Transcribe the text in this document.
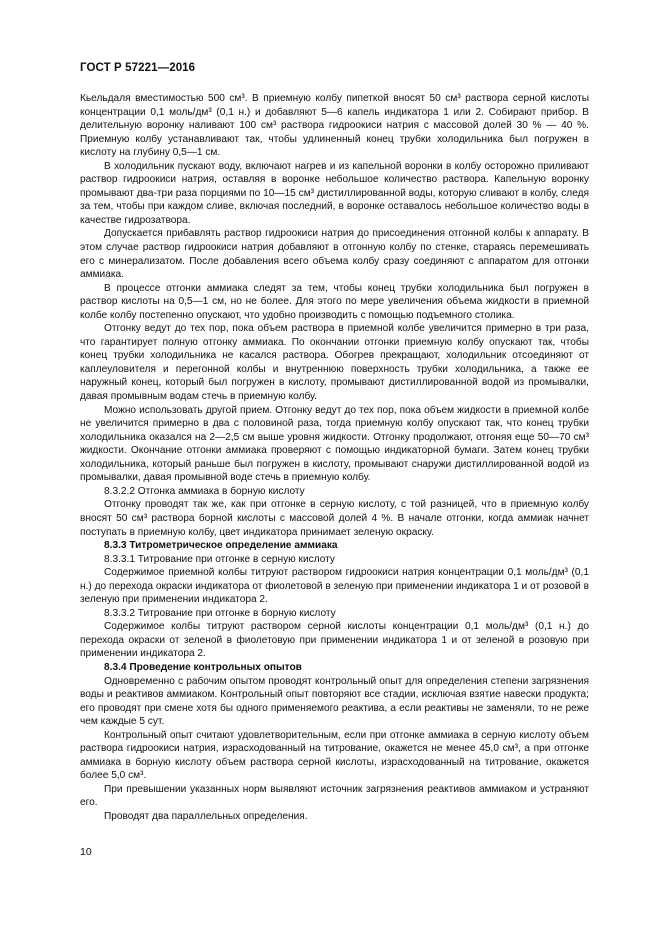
ГОСТ Р 57221—2016

Кьельдаля вместимостью 500 см³. В приемную колбу пипеткой вносят 50 см³ раствора серной кислоты концентрации 0,1 моль/дм³ (0,1 н.) и добавляют 5—6 капель индикатора 1 или 2. Собирают прибор. В делительную воронку наливают 100 см³ раствора гидроокиси натрия с массовой долей 30 % — 40 %. Приемную колбу устанавливают так, чтобы удлиненный конец трубки холодильника был погружен в кислоту на глубину 0,5—1 см.

В холодильник пускают воду, включают нагрев и из капельной воронки в колбу осторожно приливают раствор гидроокиси натрия, оставляя в воронке небольшое количество раствора. Капельную воронку промывают два-три раза порциями по 10—15 см³ дистиллированной воды, которую сливают в колбу, следя за тем, чтобы при каждом сливе, включая последний, в воронке оставалось небольшое количество воды в качестве гидрозатвора.

Допускается прибавлять раствор гидроокиси натрия до присоединения отгонной колбы к аппарату. В этом случае раствор гидроокиси натрия добавляют в отгонную колбу по стенке, стараясь перемешивать его с минерализатом. После добавления всего объема колбу сразу соединяют с аппаратом для отгонки аммиака.

В процессе отгонки аммиака следят за тем, чтобы конец трубки холодильника был погружен в раствор кислоты на 0,5—1 см, но не более. Для этого по мере увеличения объема жидкости в приемной колбе колбу постепенно опускают, что удобно производить с помощью подъемного столика.

Отгонку ведут до тех пор, пока объем раствора в приемной колбе увеличится примерно в три раза, что гарантирует полную отгонку аммиака. По окончании отгонки приемную колбу опускают так, чтобы конец трубки холодильника не касался раствора. Обогрев прекращают, холодильник отсоединяют от каплеуловителя и перегонной колбы и внутреннюю поверхность трубки холодильника, а также ее наружный конец, который был погружен в кислоту, промывают дистиллированной водой из промывалки, давая промывным водам стечь в приемную колбу.

Можно использовать другой прием. Отгонку ведут до тех пор, пока объем жидкости в приемной колбе не увеличится примерно в два с половиной раза, тогда приемную колбу опускают так, что конец трубки холодильника оказался на 2—2,5 см выше уровня жидкости. Отгонку продолжают, отгоняя еще 50—70 см³ жидкости. Окончание отгонки аммиака проверяют с помощью индикаторной бумаги. Затем конец трубки холодильника, который раньше был погружен в кислоту, промывают снаружи дистиллированной водой из промывалки, давая промывной воде стечь в приемную колбу.

8.3.2.2 Отгонка аммиака в борную кислоту

Отгонку проводят так же, как при отгонке в серную кислоту, с той разницей, что в приемную колбу вносят 50 см³ раствора борной кислоты с массовой долей 4 %. В начале отгонки, когда аммиак начнет поступать в приемную колбу, цвет индикатора принимает зеленую окраску.

8.3.3 Титрометрическое определение аммиака

8.3.3.1 Титрование при отгонке в серную кислоту

Содержимое приемной колбы титруют раствором гидроокиси натрия концентрации 0,1 моль/дм³ (0,1 н.) до перехода окраски индикатора от фиолетовой в зеленую при применении индикатора 1 и от розовой в зеленую при применении индикатора 2.

8.3.3.2 Титрование при отгонке в борную кислоту

Содержимое колбы титруют раствором серной кислоты концентрации 0,1 моль/дм³ (0,1 н.) до перехода окраски от зеленой в фиолетовую при применении индикатора 1 и от зеленой в розовую при применении индикатора 2.

8.3.4 Проведение контрольных опытов

Одновременно с рабочим опытом проводят контрольный опыт для определения степени загрязнения воды и реактивов аммиаком. Контрольный опыт повторяют все стадии, исключая взятие навески продукта; его проводят при смене хотя бы одного применяемого реактива, а если реактивы не заменяли, то не реже чем каждые 5 сут.

Контрольный опыт считают удовлетворительным, если при отгонке аммиака в серную кислоту объем раствора гидроокиси натрия, израсходованный на титрование, окажется не менее 45,0 см³, а при отгонке аммиака в борную кислоту объем раствора серной кислоты, израсходованный на титрование, окажется более 5,0 см³.

При превышении указанных норм выявляют источник загрязнения реактивов аммиаком и устраняют его.

Проводят два параллельных определения.

10
